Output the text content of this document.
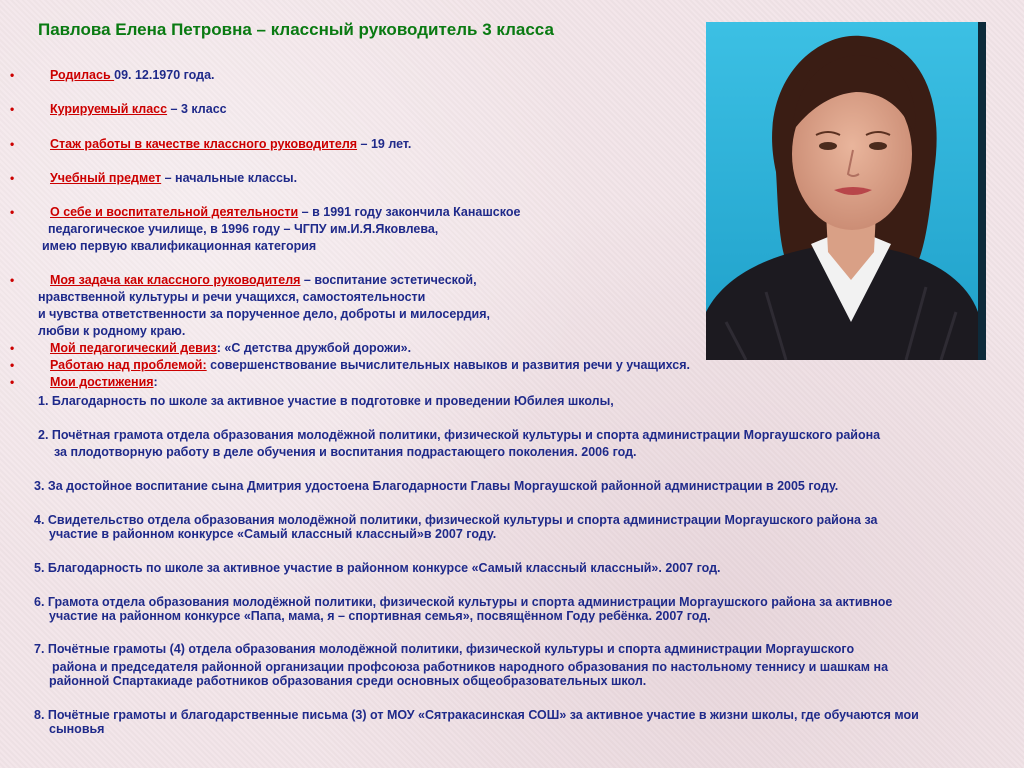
Павлова Елена Петровна – классный руководитель 3 класса
•	Родилась 09. 12.1970 года.
•	Курируемый класс – 3 класс
•	Стаж работы в качестве классного руководителя – 19 лет.
•	Учебный предмет – начальные классы.
•	О себе и воспитательной деятельности – в 1991 году закончила Канашское
педагогическое училище, в 1996 году – ЧГПУ им.И.Я.Яковлева,
имею первую квалификационная категория
•	Моя задача как классного руководителя – воспитание эстетической,
нравственной культуры и речи учащихся, самостоятельности
и чувства ответственности за порученное дело, доброты и милосердия,
любви к родному краю.
•	Мой педагогический девиз: «С детства дружбой дорожи».
•	Работаю над проблемой: совершенствование вычислительных навыков и развития речи у учащихся.
•	Мои достижения:
1. Благодарность по школе за активное участие в подготовке и проведении Юбилея школы,
2. Почётная грамота отдела образования молодёжной политики, физической культуры и спорта администрации Моргаушского района
за плодотворную работу в деле обучения и воспитания подрастающего поколения. 2006 год.
3. За достойное воспитание сына Дмитрия удостоена Благодарности Главы Моргаушской районной администрации в 2005 году.
4. Свидетельство отдела образования молодёжной политики, физической культуры и спорта администрации Моргаушского района за
участие в районном конкурсе «Самый классный классный»в 2007 году.
5. Благодарность по школе за активное участие в районном конкурсе «Самый классный классный». 2007 год.
6. Грамота отдела образования молодёжной политики, физической культуры и спорта администрации Моргаушского района за активное
участие на районном конкурсе «Папа, мама, я – спортивная семья», посвящённом Году ребёнка. 2007 год.
7. Почётные грамоты (4) отдела образования молодёжной политики, физической культуры и спорта администрации Моргаушского
района и председателя районной организации профсоюза работников народного образования по настольному теннису и шашкам на
районной Спартакиаде работников образования среди основных общеобразовательных школ.
8. Почётные грамоты и благодарственные письма (3) от МОУ «Сятракасинская СОШ» за активное участие в жизни школы, где обучаются мои
сыновья
